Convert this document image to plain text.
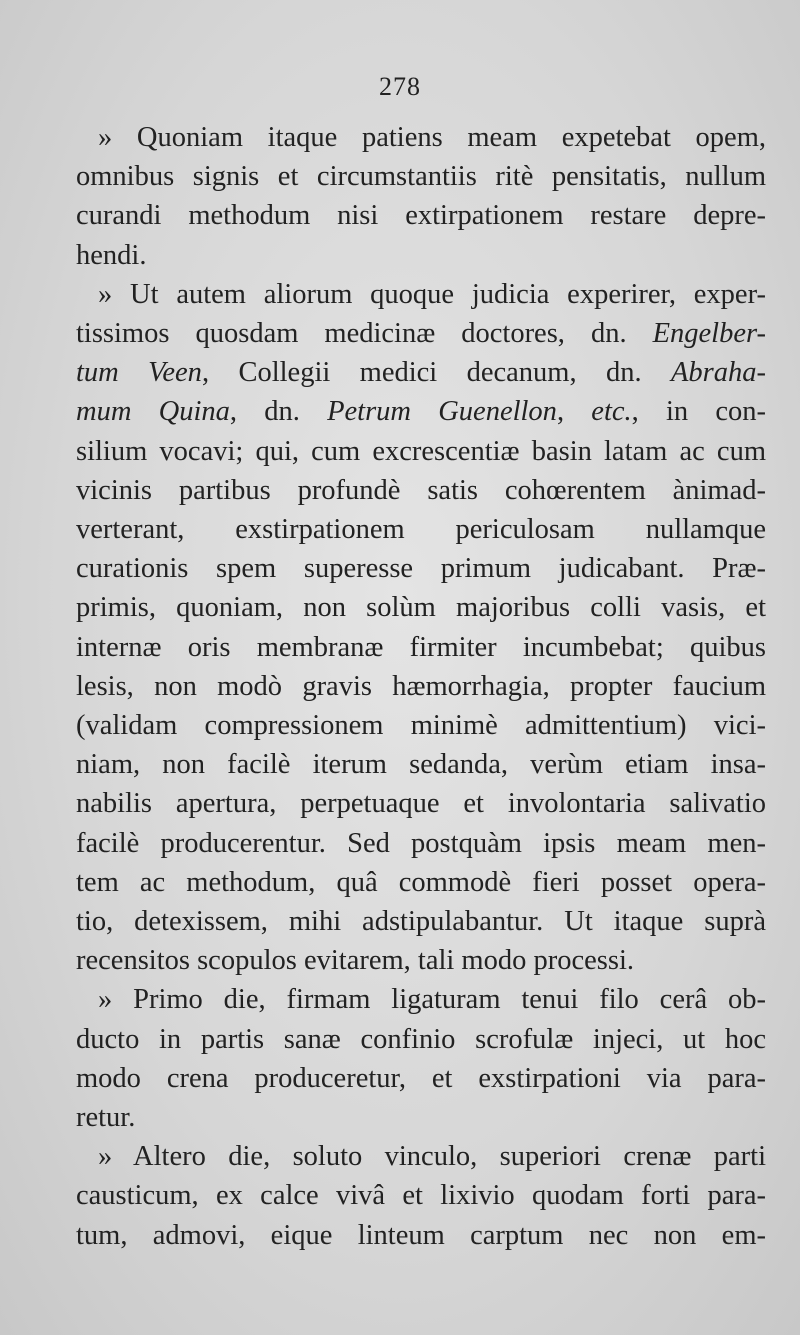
278
» Quoniam itaque patiens meam expetebat opem,
omnibus signis et circumstantiis ritè pensitatis, nullum
curandi methodum nisi extirpationem restare depre-
hendi.
» Ut autem aliorum quoque judicia experirer, exper-
tissimos quosdam medicinæ doctores, dn. Engelber-
tum Veen, Collegii medici decanum, dn. Abraha-
mum Quina, dn. Petrum Guenellon, etc., in con-
silium vocavi; qui, cum excrescentiæ basin latam ac cum
vicinis partibus profundè satis cohœrentem ànimad-
verterant, exstirpationem periculosam nullamque
curationis spem superesse primum judicabant. Præ-
primis, quoniam, non solùm majoribus colli vasis, et
internæ oris membranæ firmiter incumbebat; quibus
lesis, non modò gravis hæmorrhagia, propter faucium
(validam compressionem minimè admittentium) vici-
niam, non facilè iterum sedanda, verùm etiam insa-
nabilis apertura, perpetuaque et involontaria salivatio
facilè producerentur. Sed postquàm ipsis meam men-
tem ac methodum, quâ commodè fieri posset opera-
tio, detexissem, mihi adstipulabantur. Ut itaque suprà
recensitos scopulos evitarem, tali modo processi.
» Primo die, firmam ligaturam tenui filo cerâ ob-
ducto in partis sanæ confinio scrofulæ injeci, ut hoc
modo crena produceretur, et exstirpationi via para-
retur.
» Altero die, soluto vinculo, superiori crenæ parti
causticum, ex calce vivâ et lixivio quodam forti para-
tum, admovi, eique linteum carptum nec non em-
